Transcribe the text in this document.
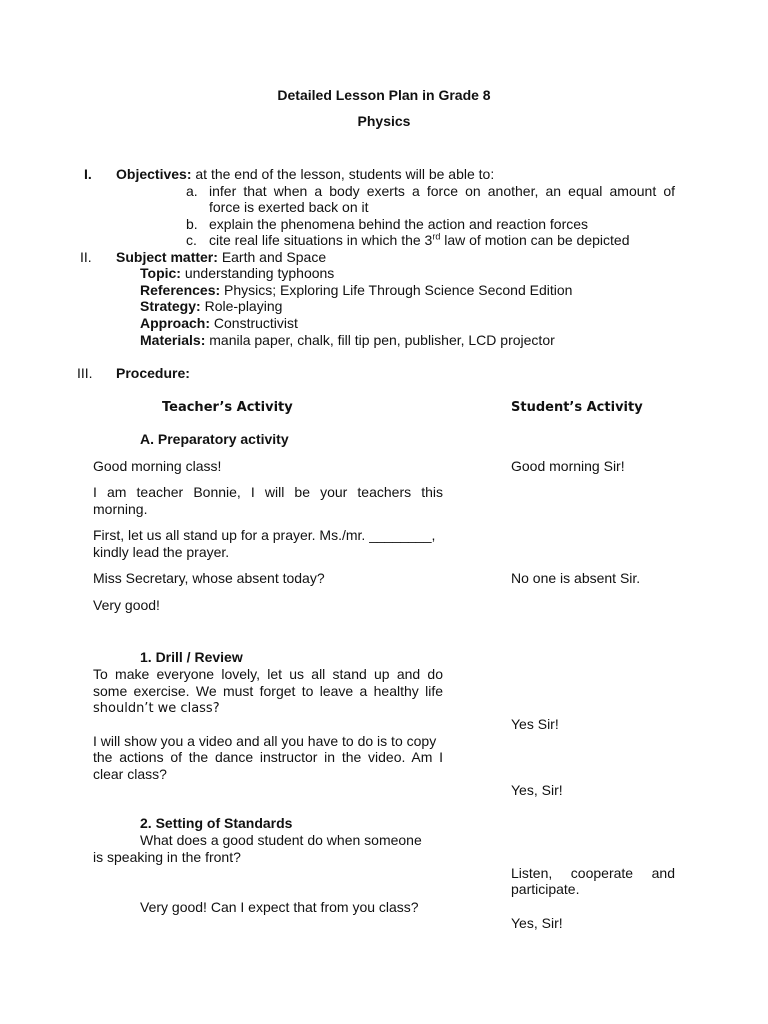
Detailed Lesson Plan in Grade 8
Physics
I. Objectives: at the end of the lesson, students will be able to:
a. infer that when a body exerts a force on another, an equal amount of
force is exerted back on it
b. explain the phenomena behind the action and reaction forces
c. cite real life situations in which the 3rd law of motion can be depicted
II. Subject matter: Earth and Space
Topic: understanding typhoons
References: Physics; Exploring Life Through Science Second Edition
Strategy: Role-playing
Approach: Constructivist
Materials: manila paper, chalk, fill tip pen, publisher, LCD projector
III. Procedure:
Teacher’s Activity	Student’s Activity
A. Preparatory activity
Good morning class!
I am teacher Bonnie, I will be your teachers this
morning.
First, let us all stand up for a prayer. Ms./mr. ________,
kindly lead the prayer.
Miss Secretary, whose absent today?
Very good!
1. Drill / Review
To make everyone lovely, let us all stand up and do
some exercise. We must forget to leave a healthy life
shouldn’t we class?
I will show you a video and all you have to do is to copy
the actions of the dance instructor in the video. Am I
clear class?
2. Setting of Standards
What does a good student do when someone
is speaking in the front?
Very good! Can I expect that from you class?
Good morning Sir!
No one is absent Sir.
Yes Sir!
Yes, Sir!
Listen, cooperate and
participate.
Yes, Sir!
